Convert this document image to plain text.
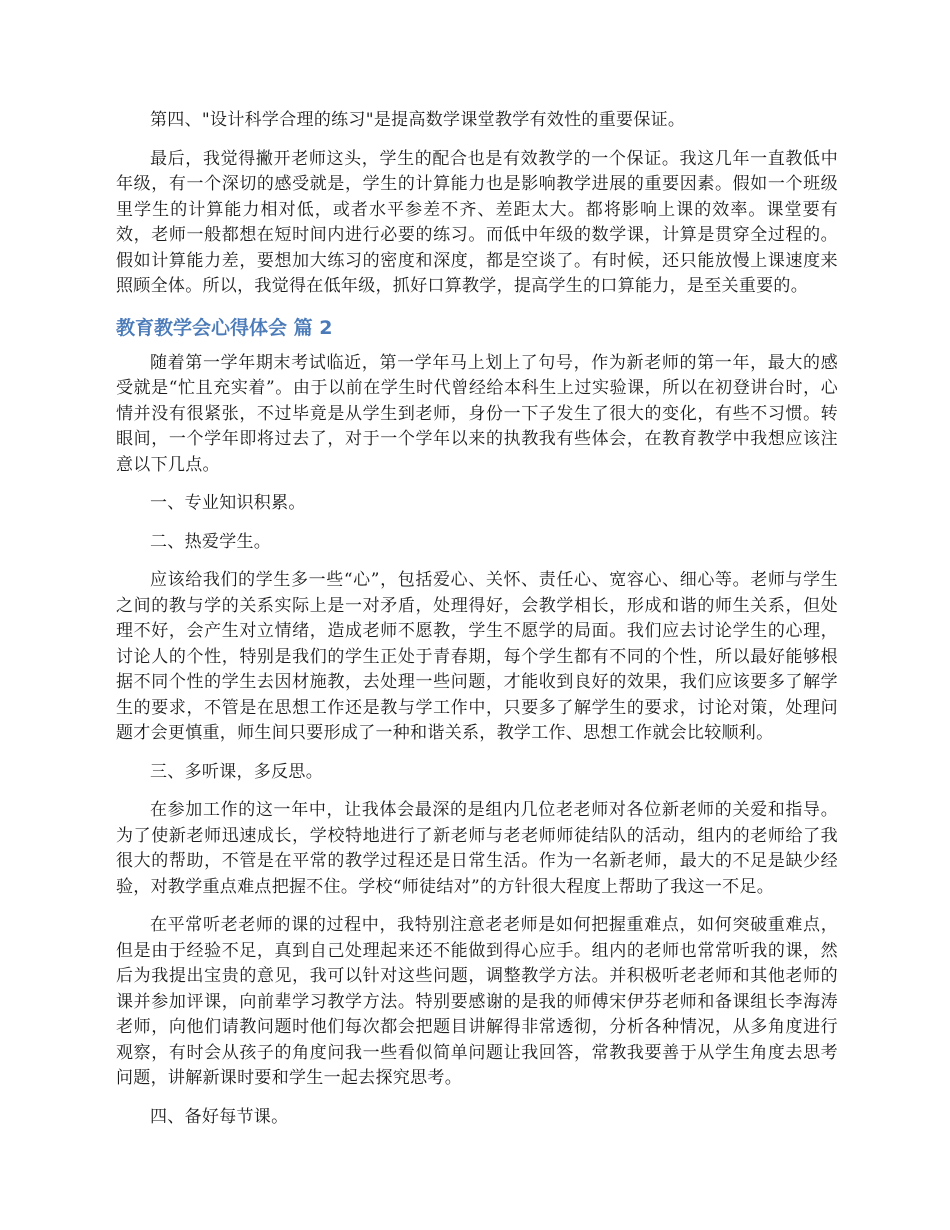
第四、"设计科学合理的练习"是提高数学课堂教学有效性的重要保证。

最后，我觉得撇开老师这头，学生的配合也是有效教学的一个保证。我这几年一直教低中年级，有一个深切的感受就是，学生的计算能力也是影响教学进展的重要因素。假如一个班级里学生的计算能力相对低，或者水平参差不齐、差距太大。都将影响上课的效率。课堂要有效，老师一般都想在短时间内进行必要的练习。而低中年级的数学课，计算是贯穿全过程的。假如计算能力差，要想加大练习的密度和深度，都是空谈了。有时候，还只能放慢上课速度来照顾全体。所以，我觉得在低年级，抓好口算教学，提高学生的口算能力，是至关重要的。

教育教学会心得体会 篇 2

随着第一学年期末考试临近，第一学年马上划上了句号，作为新老师的第一年，最大的感受就是“忙且充实着”。由于以前在学生时代曾经给本科生上过实验课，所以在初登讲台时，心情并没有很紧张，不过毕竟是从学生到老师，身份一下子发生了很大的变化，有些不习惯。转眼间，一个学年即将过去了，对于一个学年以来的执教我有些体会，在教育教学中我想应该注意以下几点。

一、专业知识积累。

二、热爱学生。

应该给我们的学生多一些“心”，包括爱心、关怀、责任心、宽容心、细心等。老师与学生之间的教与学的关系实际上是一对矛盾，处理得好，会教学相长，形成和谐的师生关系，但处理不好，会产生对立情绪，造成老师不愿教，学生不愿学的局面。我们应去讨论学生的心理，讨论人的个性，特别是我们的学生正处于青春期，每个学生都有不同的个性，所以最好能够根据不同个性的学生去因材施教，去处理一些问题，才能收到良好的效果，我们应该要多了解学生的要求，不管是在思想工作还是教与学工作中，只要多了解学生的要求，讨论对策，处理问题才会更慎重，师生间只要形成了一种和谐关系，教学工作、思想工作就会比较顺利。

三、多听课，多反思。

在参加工作的这一年中，让我体会最深的是组内几位老老师对各位新老师的关爱和指导。为了使新老师迅速成长，学校特地进行了新老师与老老师师徒结队的活动，组内的老师给了我很大的帮助，不管是在平常的教学过程还是日常生活。作为一名新老师，最大的不足是缺少经验，对教学重点难点把握不住。学校“师徒结对”的方针很大程度上帮助了我这一不足。

在平常听老老师的课的过程中，我特别注意老老师是如何把握重难点，如何突破重难点，但是由于经验不足，真到自己处理起来还不能做到得心应手。组内的老师也常常听我的课，然后为我提出宝贵的意见，我可以针对这些问题，调整教学方法。并积极听老老师和其他老师的课并参加评课，向前辈学习教学方法。特别要感谢的是我的师傅宋伊芬老师和备课组长李海涛老师，向他们请教问题时他们每次都会把题目讲解得非常透彻，分析各种情况，从多角度进行观察，有时会从孩子的角度问我一些看似简单问题让我回答，常教我要善于从学生角度去思考问题，讲解新课时要和学生一起去探究思考。

四、备好每节课。
